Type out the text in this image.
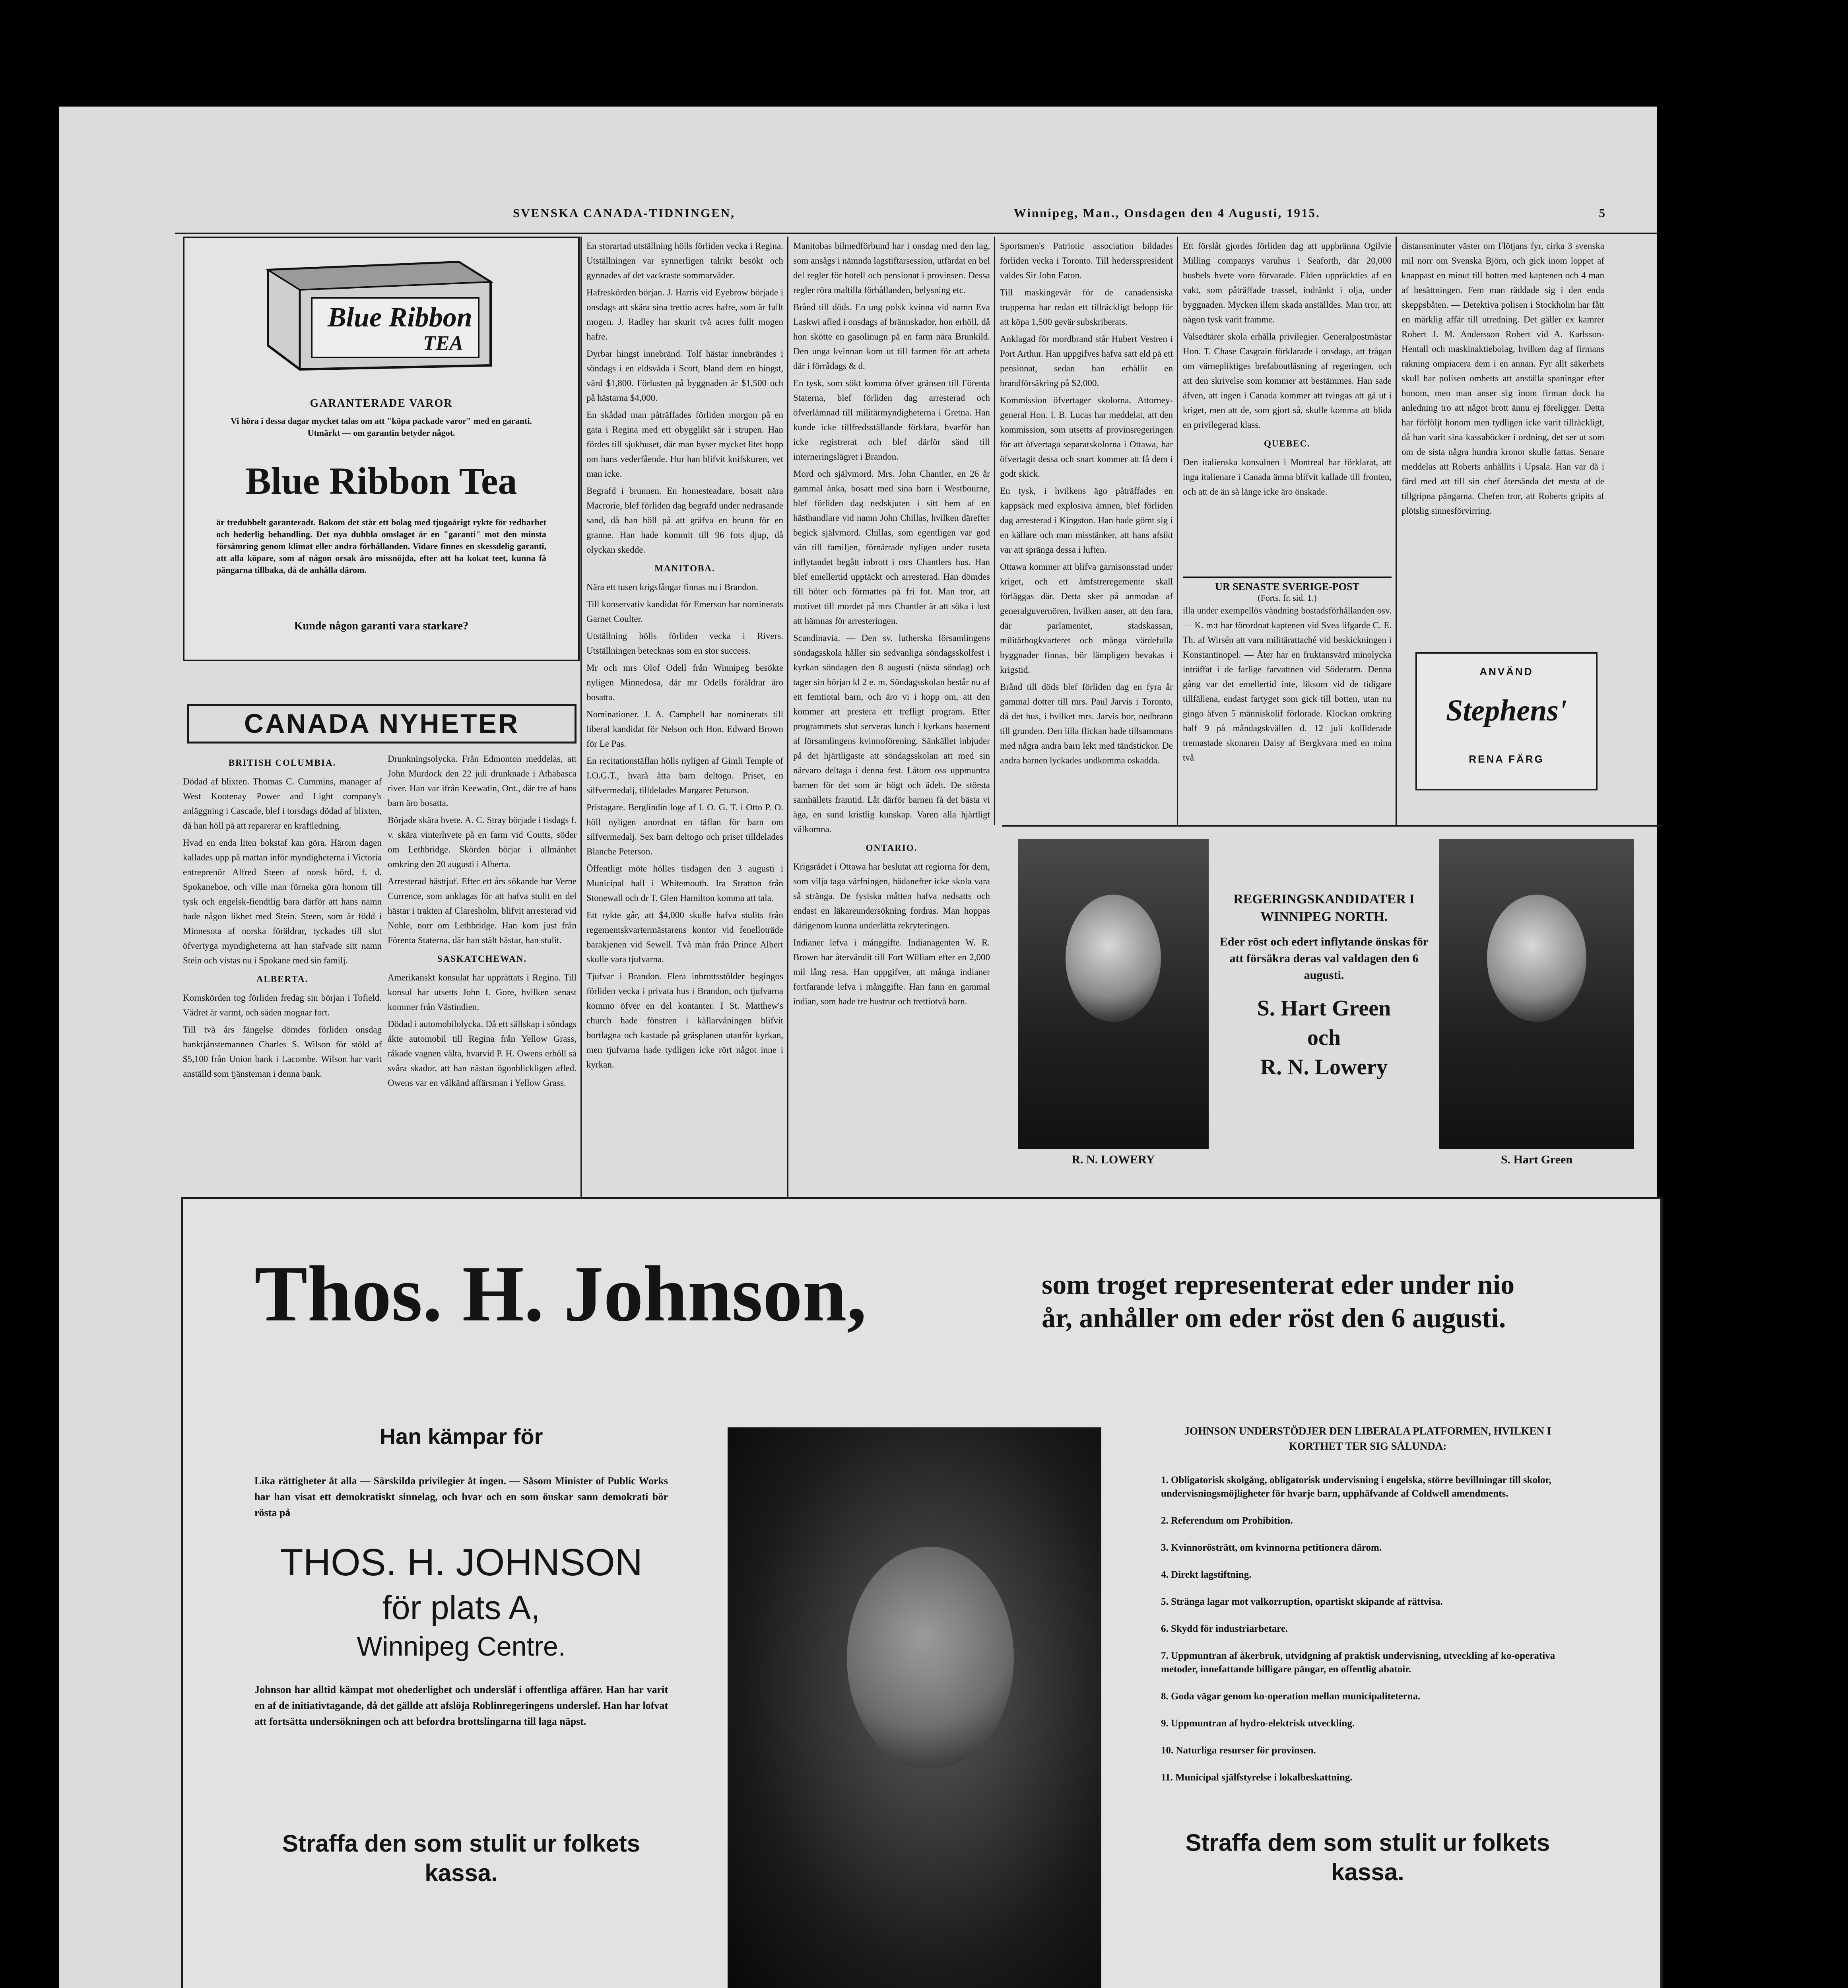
SVENSKA CANADA-TIDNINGEN,	Winnipeg, Man., Onsdagen den 4 Augusti, 1915.	5
Blue Ribbon
TEA
GARANTERADE VAROR
Vi höra i dessa dagar mycket talas om att "köpa packade varor" med en garanti. Utmärkt — om garantin betyder något.
Blue Ribbon Tea
är tredubbelt garanteradt. Bakom det står ett bolag med tjugoårigt rykte för redbarhet och hederlig behandling. Det nya dubbla omslaget är en "garanti" mot den minsta försämring genom klimat eller andra förhållanden. Vidare finnes en skessdelig garanti, att alla köpare, som af någon orsak äro missnöjda, efter att ha kokat teet, kunna få pängarna tillbaka, då de anhålla därom.
Kunde någon garanti vara starkare?
CANADA NYHETER

BRITISH COLUMBIA.

Dödad af blixten. Thomas C. Cummins, manager af West Kootenay Power and Light company's anläggning i Cascade, blef i torsdags dödad af blixten, då han höll på att reparerar en kraftledning.

Hvad en enda liten bokstaf kan göra. Härom dagen kallades upp på mattan inför myndigheterna i Victoria entreprenör Alfred Steen af norsk börd, f. d. Spokaneboe, och ville man förneka göra honom till tysk och engelsk-fiendtlig bara därför att hans namn hade någon likhet med Stein. Steen, som är född i Minnesota af norska föräldrar, tyckades till slut öfvertyga myndigheterna att han stafvade sitt namn Stein och vistas nu i Spokane med sin familj.

ALBERTA.

Kornskörden tog förliden fredag sin början i Tofield. Vädret är varmt, och säden mognar fort.

Till två års fängelse dömdes förliden onsdag banktjänstemannen Charles S. Wilson för stöld af $5,100 från Union bank i Lacombe. Wilson har varit anställd som tjänsteman i denna bank.

Drunkningsolycka. Från Edmonton meddelas, att John Murdock den 22 juli drunknade i Athabasca river. Han var ifrån Keewatin, Ont., där tre af hans barn äro bosatta.

Började skära hvete. A. C. Stray började i tisdags f. v. skära vinterhvete på en farm vid Coutts, söder om Lethbridge. Skörden börjar i allmänhet omkring den 20 augusti i Alberta.

Arresterad hästtjuf. Efter ett års sökande har Verne Currence, som anklagas för att hafva stulit en del hästar i trakten af Claresholm, blifvit arresterad vid Noble, norr om Lethbridge. Han kom just från Förenta Staterna, där han stält hästar, han stulit.

SASKATCHEWAN.

Amerikanskt konsulat har upprättats i Regina. Till konsul har utsetts John I. Gore, hvilken senast kommer från Västindien.

Dödad i automobilolycka. Då ett sällskap i söndags åkte automobil till Regina från Yellow Grass, råkade vagnen välta, hvarvid P. H. Owens erhöll så svåra skador, att han nästan ögonblickligen afled. Owens var en välkänd affärsman i Yellow Grass.

En storartad utställning hölls förliden vecka i Regina. Utställningen var synnerligen talrikt besökt och gynnades af det vackraste sommarväder.

Hafreskörden början. J. Harris vid Eyebrow började i onsdags att skära sina trettio acres hafre, som är fullt mogen. J. Radley har skurit två acres fullt mogen hafre.

Dyrbar hingst innebränd. Tolf hästar innebrändes i söndags i en eldsvåda i Scott, bland dem en hingst, värd $1,800. Förlusten på byggnaden är $1,500 och på hästarna $4,000.

En skådad man påträffades förliden morgon på en gata i Regina med ett obygglikt sår i strupen. Han fördes till sjukhuset, där man hyser mycket litet hopp om hans vederfående. Hur han blifvit knifskuren, vet man icke.

Begrafd i brunnen. En homesteadare, bosatt nära Macrorie, blef förliden dag begrafd under nedrasande sand, då han höll på att gräfva en brunn för en granne. Han hade kommit till 96 fots djup, då olyckan skedde.

MANITOBA.

Nära ett tusen krigsfångar finnas nu i Brandon.

Till konservativ kandidat för Emerson har nominerats Garnet Coulter.

Utställning hölls förliden vecka i Rivers. Utställningen betecknas som en stor success.

Mr och mrs Olof Odell från Winnipeg besökte nyligen Minnedosa, där mr Odells föräldrar äro bosatta.

Nominationer. J. A. Campbell har nominerats till liberal kandidat för Nelson och Hon. Edward Brown för Le Pas.

En recitationstäflan hölls nyligen af Gimli Temple of I.O.G.T., hvarå åtta barn deltogo. Priset, en silfvermedalj, tilldelades Margaret Peturson.

Pristagare. Berglindin loge af I. O. G. T. i Otto P. O. höll nyligen anordnat en täflan för barn om silfvermedalj. Sex barn deltogo och priset tilldelades Blanche Peterson.

Öffentligt möte hölles tisdagen den 3 augusti i Municipal hall i Whitemouth. Ira Stratton från Stonewall och dr T. Glen Hamilton komma att tala.

Ett rykte går, att $4,000 skulle hafva stulits från regementskvartermästarens kontor vid fenelloträde barakjenen vid Sewell. Två män från Prince Albert skulle vara tjufvarna.

Tjufvar i Brandon. Flera inbrottsstölder begingos förliden vecka i privata hus i Brandon, och tjufvarna kommo öfver en del kontanter. I St. Matthew's church hade fönstren i källarvåningen blifvit bortlagna och kastade på gräsplanen utanför kyrkan, men tjufvarna hade tydligen icke rört något inne i kyrkan.

Manitobas bilmedförbund har i onsdag med den lag, som ansågs i nämnda lagstiftarsession, utfärdat en bel del regler för hotell och pensionat i provinsen. Dessa regler röra maltilla förhållanden, belysning etc.

Brånd till döds. En ung polsk kvinna vid namn Eva Laskwi afled i onsdags af brännskador, hon erhöll, då hon skötte en gasolinugn på en farm nära Brunkild. Den unga kvinnan kom ut till farmen för att arbeta där i förrådags & d.

En tysk, som sökt komma öfver gränsen till Förenta Staterna, blef förliden dag arresterad och öfverlämnad till militärmyndigheterna i Gretna. Han kunde icke tillfredsställande förklara, hvarför han icke registrerat och blef därför sänd till interneringslägret i Brandon.

Mord och självmord. Mrs. John Chantler, en 26 år gammal änka, bosatt med sina barn i Westbourne, blef förliden dag nedskjuten i sitt hem af en hästhandlare vid namn John Chillas, hvilken därefter begick självmord. Chillas, som egentligen var god vän till familjen, förnärrade nyligen under ruseta inflytandet begått inbrott i mrs Chantlers hus. Han blef emellertid upptäckt och arresterad. Han dömdes till böter och förmattes på fri fot. Man tror, att motivet till mordet på mrs Chantler är att söka i lust att hämnas för arresteringen.

Scandinavia. — Den sv. lutherska församlingens söndagsskola håller sin sedvanliga söndagsskolfest i kyrkan söndagen den 8 augusti (nästa söndag) och tager sin början kl 2 e. m. Söndagsskolan består nu af ett femtiotal barn, och äro vi i hopp om, att den kommer att prestera ett trefligt program. Efter programmets slut serveras lunch i kyrkans basement af församlingens kvinnoförening. Sänkället inbjuder på det hjärtligaste att söndagsskolan att med sin närvaro deltaga i denna fest. Låtom oss uppmuntra barnen för det som är högt och ädelt. De största samhällets framtid. Låt därför barnen få det bästa vi äga, en sund kristlig kunskap. Varen alla hjärtligt välkomna.

ONTARIO.

Krigsrådet i Ottawa har beslutat att regiorna för dem, som vilja taga värfningen, hädanefter icke skola vara så stränga. De fysiska måtten hafva nedsatts och endast en läkareundersökning fordras. Man hoppas därigenom kunna underlätta rekryteringen.

Indianer lefva i månggifte. Indianagenten W. R. Brown har återvändit till Fort William efter en 2,000 mil lång resa. Han uppgifver, att många indianer fortfarande lefva i månggifte. Han fann en gammal indian, som hade tre hustrur och trettiotvå barn.

Sportsmen's Patriotic association bildades förliden vecka i Toronto. Till hedersspresident valdes Sir John Eaton.

Till maskingevär för de canadensiska trupperna har redan ett tillräckligt belopp för att köpa 1,500 gevär subskriberats.

Anklagad för mordbrand står Hubert Vestren i Port Arthur. Han uppgifves hafva satt eld på ett pensionat, sedan han erhållit en brandförsäkring på $2,000.

Kommission öfvertager skolorna. Attorney-general Hon. I. B. Lucas har meddelat, att den kommission, som utsetts af provinsregeringen för att öfvertaga separatskolorna i Ottawa, har öfvertagit dessa och snart kommer att få dem i godt skick.

En tysk, i hvilkens ägo påträffades en kappsäck med explosiva ämnen, blef förliden dag arresterad i Kingston. Han hade gömt sig i en källare och man misstänker, att hans afsikt var att spränga dessa i luften.

Ottawa kommer att blifva garnisonsstad under kriget, och ett ämfstreregemente skall förläggas där. Detta sker på anmodan af generalguvernören, hvilken anser, att den fara, där parlamentet, stadskassan, militärbogkvarteret och många värdefulla byggnader finnas, bör lämpligen bevakas i krigstid.

Brånd till döds blef förliden dag en fyra år gammal dotter till mrs. Paul Jarvis i Toronto, då det hus, i hvilket mrs. Jarvis bor, nedbrann till grunden. Den lilla flickan hade tillsammans med några andra barn lekt med tändstickor. De andra barnen lyckades undkomma oskadda.

Ett förslåt gjordes förliden dag att uppbränna Ogilvie Milling companys varuhus i Seaforth, där 20,000 bushels hvete voro förvarade. Elden uppräckties af en vakt, som påträffade trassel, indränkt i olja, under byggnaden. Mycken illem skada anställdes. Man tror, att någon tysk varit framme.

Valsedtärer skola erhålla privilegier. Generalpostmästar Hon. T. Chase Casgrain förklarade i onsdags, att frågan om värnepliktiges brefaboutläsning af regeringen, och att den skrivelse som kommer att bestämmes. Han sade äfven, att ingen i Canada kommer att tvingas att gå ut i kriget, men att de, som gjort så, skulle komma att blida en privilegerad klass.

QUEBEC.

Den italienska konsulnen i Montreal har förklarat, att inga italienare i Canada ämna blifvit kallade till fronten, och att de än så länge icke äro önskade.

UR SENASTE SVERIGE-POST
(Forts. fr. sid. 1.)
illa under exempellös vändning bostadsförhållanden osv. — K. m:t har förordnat kaptenen vid Svea lifgarde C. E. Th. af Wirsén att vara militärattaché vid beskickningen i Konstantinopel. — Åter har en fruktansvärd minolycka inträffat i de farlige farvattnen vid Söderarm. Denna gång var det emellertid inte, liksom vid de tidigare tillfällena, endast fartyget som gick till botten, utan nu gingo äfven 5 människolif förlorade. Klockan omkring half 9 på måndagskvällen d. 12 juli kolliderade tremastade skonaren Daisy af Bergkvara med en mina två

distansminuter väster om Flötjans fyr, cirka 3 svenska mil norr om Svenska Björn, och gick inom loppet af knappast en minut till botten med kaptenen och 4 man af besättningen. Fem man räddade sig i den enda skeppsbåten. — Detektiva polisen i Stockholm har fått en märklig affär till utredning. Det gäller ex kamrer Robert J. M. Andersson Robert vid A. Karlsson-Hentall och maskinaktiebolag, hvilken dag af firmans rakning ompiacera dem i en annan. Fyr allt säkerhets skull har polisen ombetts att anställa spaningar efter honom, men man anser sig inom firman dock ha anledning tro att något brott ännu ej föreligger. Detta har förföljt honom men tydligen icke varit tillräckligt, då han varit sina kassaböcker i ordning, det ser ut som om de sista några hundra kronor skulle fattas. Senare meddelas att Roberts anhållits i Upsala. Han var då i färd med att till sin chef återsända det mesta af de tillgripna pängarna. Chefen tror, att Roberts gripits af plötslig sinnesförvirring.

ANVÄND
Stephens'
RENA FÄRG
R. N. LOWERY	S. Hart Green
REGERINGSKANDIDATER I WINNIPEG NORTH.
Eder röst och edert inflytande önskas för att försäkra deras val valdagen den 6 augusti.
S. Hart Green
och
R. N. Lowery
Thos. H. Johnson,	som troget representerat eder under nio
år, anhåller om eder röst den 6 augusti.
Han kämpar för
Lika rättigheter åt alla — Särskilda privilegier åt ingen. — Såsom Minister of Public Works har han visat ett demokratiskt sinnelag, och hvar och en som önskar sann demokrati bör rösta på
THOS. H. JOHNSON
för plats A,
Winnipeg Centre.
Johnson har alltid kämpat mot ohederlighet och undersläf i offentliga affärer. Han har varit en af de initiativtagande, då det gällde att afslöja Roblinregeringens underslef. Han har lofvat att fortsätta undersökningen och att befordra brottslingarna till laga näpst.
Straffa den som stulit ur folkets kassa.
JOHNSON UNDERSTÖDJER DEN LIBERALA PLATFORMEN, HVILKEN I KORTHET TER SIG SÅLUNDA:

1. Obligatorisk skolgång, obligatorisk undervisning i engelska, större bevillningar till skolor, undervisningsmöjligheter för hvarje barn, upphäfvande af Coldwell amendments.

2. Referendum om Prohibition.

3. Kvinnorösträtt, om kvinnorna petitionera därom.

4. Direkt lagstiftning.

5. Stränga lagar mot valkorruption, opartiskt skipande af rättvisa.

6. Skydd för industriarbetare.

7. Uppmuntran af åkerbruk, utvidgning af praktisk undervisning, utveckling af ko-operativa metoder, innefattande billigare pängar, en offentlig abatoir.

8. Goda vägar genom ko-operation mellan municipaliteterna.

9. Uppmuntran af hydro-elektrisk utveckling.

10. Naturliga resurser för provinsen.

11. Municipal själfstyrelse i lokalbeskattning.

Straffa dem som stulit ur folkets kassa.
